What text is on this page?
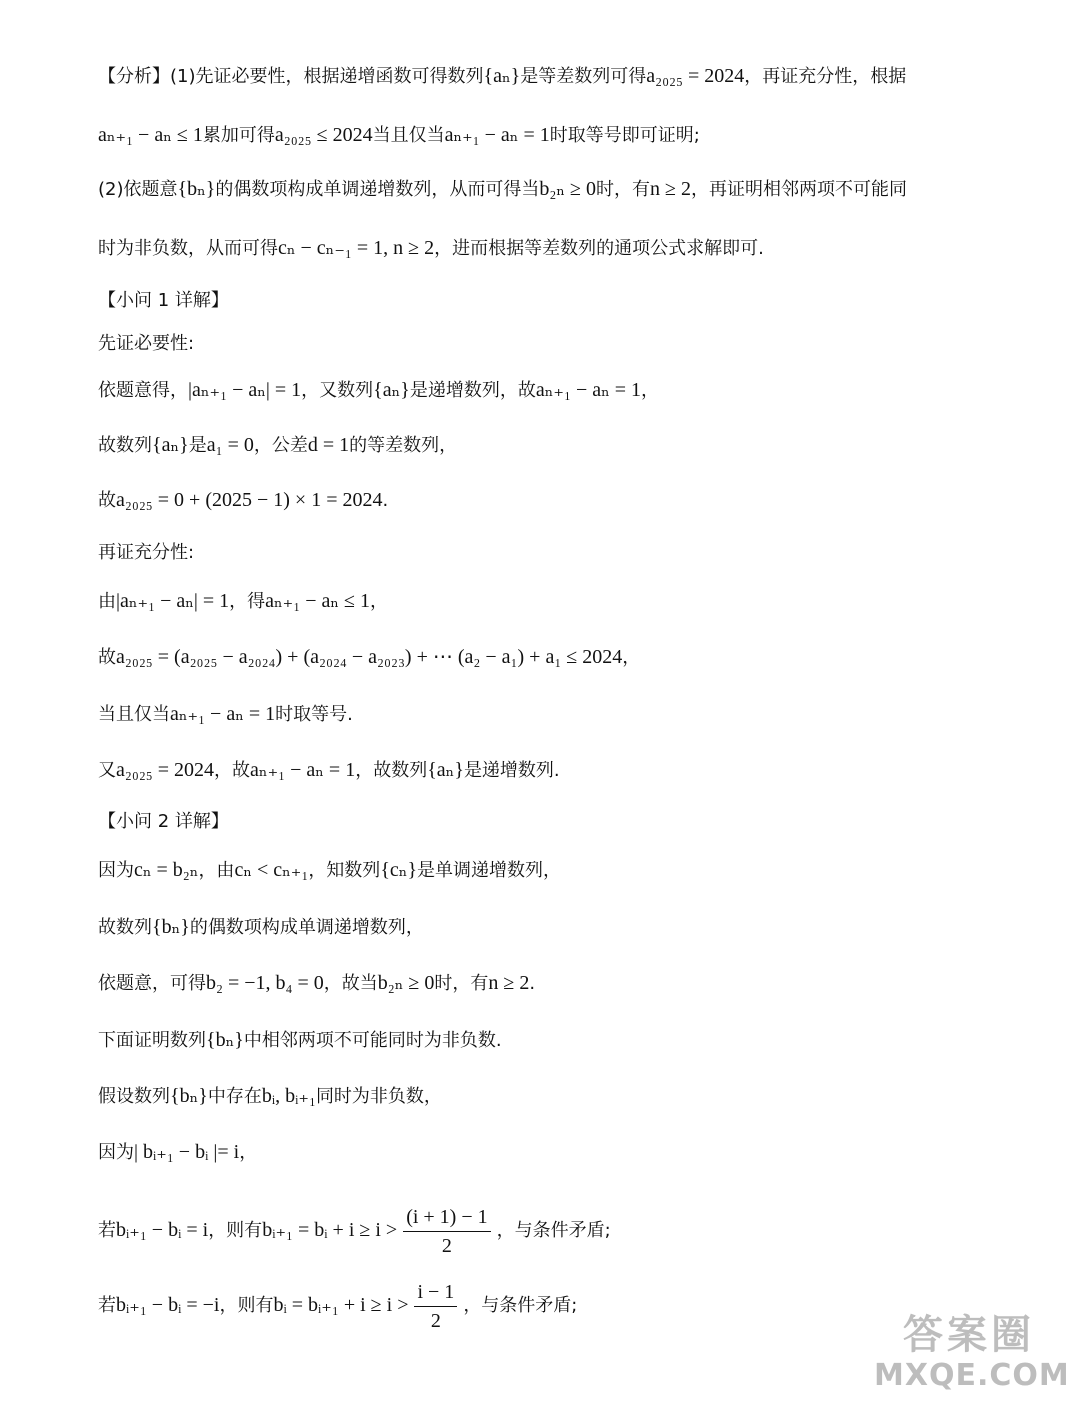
【分析】(1)先证必要性，根据递增函数可得数列{aₙ}是等差数列可得a₂₀₂₅ = 2024，再证充分性，根据
aₙ₊₁ − aₙ ≤ 1累加可得a₂₀₂₅ ≤ 2024当且仅当aₙ₊₁ − aₙ = 1时取等号即可证明;
(2)依题意{bₙ}的偶数项构成单调递增数列，从而可得当b₂ₙ ≥ 0时，有n ≥ 2，再证明相邻两项不可能同
时为非负数，从而可得cₙ − cₙ₋₁ = 1, n ≥ 2，进而根据等差数列的通项公式求解即可.
【小问 1 详解】
先证必要性:
依题意得，|aₙ₊₁ − aₙ| = 1，又数列{aₙ}是递增数列，故aₙ₊₁ − aₙ = 1，
故数列{aₙ}是a₁ = 0，公差d = 1的等差数列，
故a₂₀₂₅ = 0 + (2025 − 1) × 1 = 2024.
再证充分性:
由|aₙ₊₁ − aₙ| = 1，得aₙ₊₁ − aₙ ≤ 1，
故a₂₀₂₅ = (a₂₀₂₅ − a₂₀₂₄) + (a₂₀₂₄ − a₂₀₂₃) + ⋯ (a₂ − a₁) + a₁ ≤ 2024，
当且仅当aₙ₊₁ − aₙ = 1时取等号.
又a₂₀₂₅ = 2024，故aₙ₊₁ − aₙ = 1，故数列{aₙ}是递增数列.
【小问 2 详解】
因为cₙ = b₂ₙ，由cₙ < cₙ₊₁，知数列{cₙ}是单调递增数列，
故数列{bₙ}的偶数项构成单调递增数列，
依题意，可得b₂ = −1, b₄ = 0，故当b₂ₙ ≥ 0时，有n ≥ 2.
下面证明数列{bₙ}中相邻两项不可能同时为非负数.
假设数列{bₙ}中存在bᵢ, bᵢ₊₁同时为非负数，
因为| bᵢ₊₁ − bᵢ |= i，
若bᵢ₊₁ − bᵢ = i，则有bᵢ₊₁ = bᵢ + $i \ge i > \frac{(i + 1) - 1}{2}$ ，与条件矛盾;
若bᵢ₊₁ − bᵢ = −i，则有bᵢ = bᵢ₊₁ + $i \ge i > \frac{i - 1}{2}$ ，与条件矛盾;
答案圈
MXQE.COM
